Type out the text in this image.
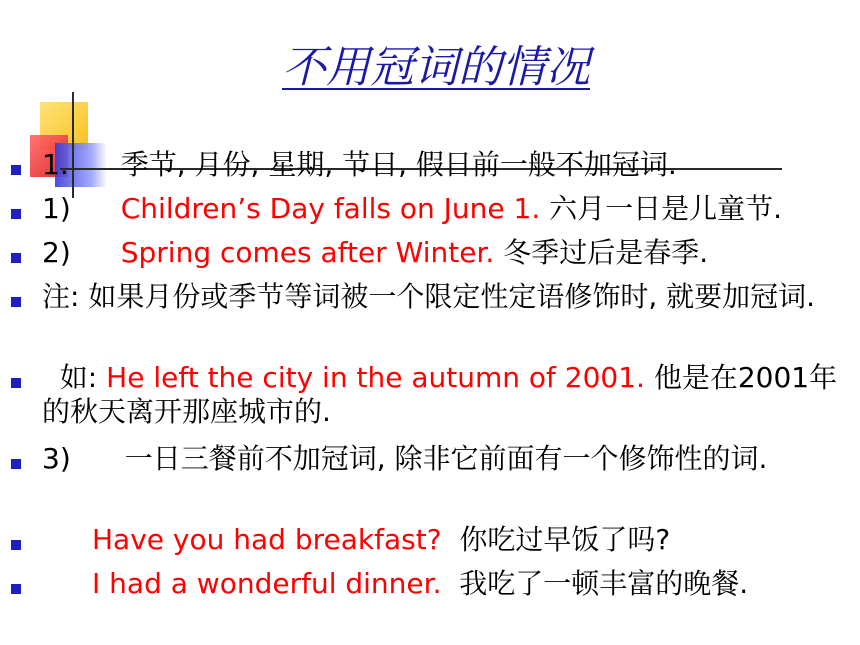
不用冠词的情况
1. 季节, 月份, 星期, 节日, 假日前一般不加冠词.
1) Children’s Day falls on June 1. 六月一日是儿童节.
2) Spring comes after Winter. 冬季过后是春季.
注: 如果月份或季节等词被一个限定性定语修饰时, 就要加冠词.
如: He left the city in the autumn of 2001. 他是在2001年的秋天离开那座城市的.
3) 一日三餐前不加冠词, 除非它前面有一个修饰性的词.
Have you had breakfast?  你吃过早饭了吗?
I had a wonderful dinner.  我吃了一顿丰富的晚餐.
